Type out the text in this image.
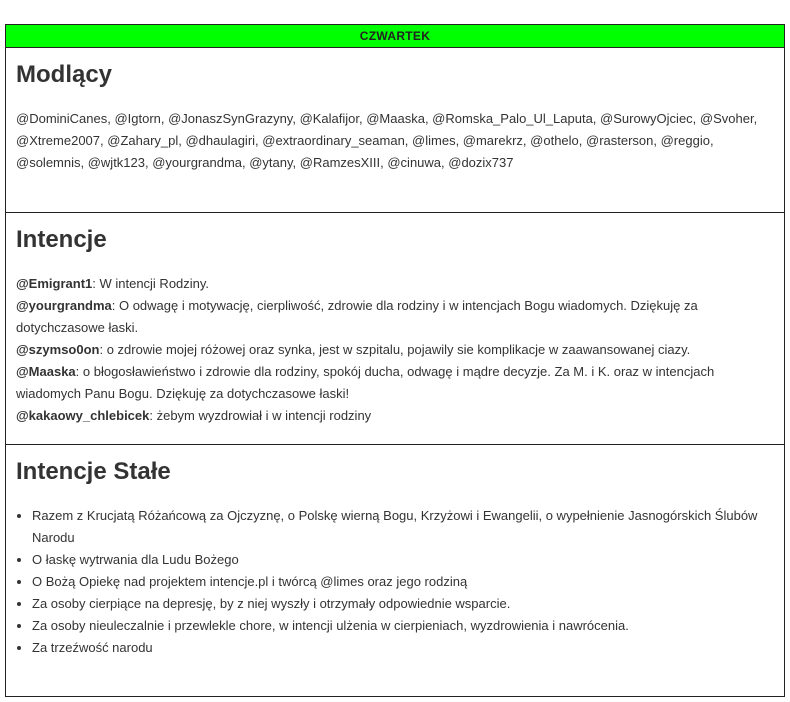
CZWARTEK
Modlący
@DominiCanes, @Igtorn, @JonaszSynGrazyny, @Kalafijor, @Maaska, @Romska_Palo_Ul_Laputa, @SurowyOjciec, @Svoher, @Xtreme2007, @Zahary_pl, @dhaulagiri, @extraordinary_seaman, @limes, @marekrz, @othelo, @rasterson, @reggio, @solemnis, @wjtk123, @yourgrandma, @ytany, @RamzesXIII, @cinuwa, @dozix737
Intencje
@Emigrant1: W intencji Rodziny.
@yourgrandma: O odwagę i motywację, cierpliwość, zdrowie dla rodziny i w intencjach Bogu wiadomych. Dziękuję za dotychczasowe łaski.
@szymso0on: o zdrowie mojej różowej oraz synka, jest w szpitalu, pojawily sie komplikacje w zaawansowanej ciazy.
@Maaska: o błogosławieństwo i zdrowie dla rodziny, spokój ducha, odwagę i mądre decyzje. Za M. i K. oraz w intencjach wiadomych Panu Bogu. Dziękuję za dotychczasowe łaski!
@kakaowy_chlebicek: żebym wyzdrowiał i w intencji rodziny
Intencje Stałe
• Razem z Krucjatą Różańcową za Ojczyznę, o Polskę wierną Bogu, Krzyżowi i Ewangelii, o wypełnienie Jasnogórskich Ślubów Narodu
• O łaskę wytrwania dla Ludu Bożego
• O Bożą Opiekę nad projektem intencje.pl i twórcą @limes oraz jego rodziną
• Za osoby cierpiące na depresję, by z niej wyszły i otrzymały odpowiednie wsparcie.
• Za osoby nieuleczalnie i przewlekle chore, w intencji ulżenia w cierpieniach, wyzdrowienia i nawrócenia.
• Za trzeźwość narodu
